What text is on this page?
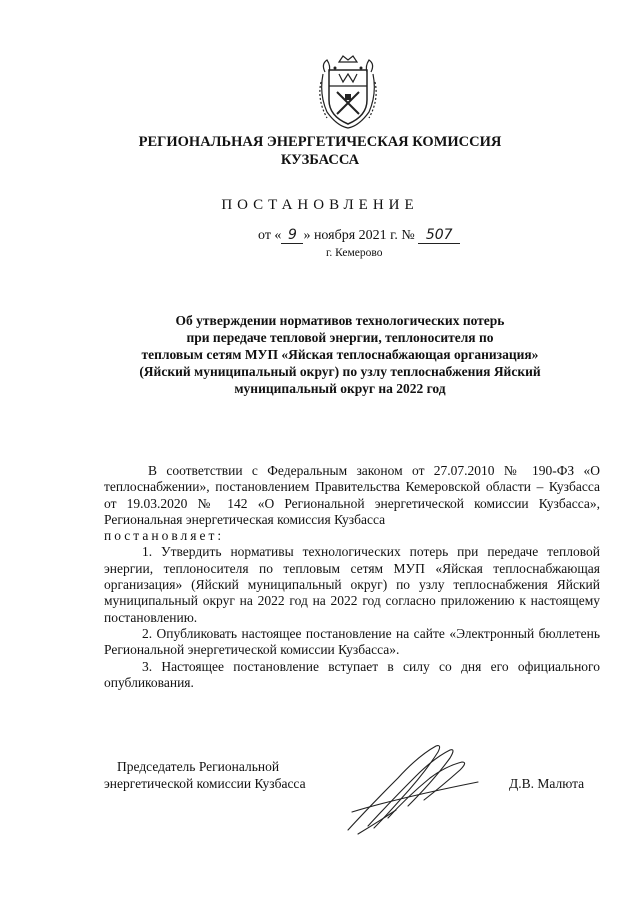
РЕГИОНАЛЬНАЯ ЭНЕРГЕТИЧЕСКАЯ КОМИССИЯ
КУЗБАССА
ПОСТАНОВЛЕНИЕ
от « 9 » ноября 2021 г. № 507
г. Кемерово
Об утверждении нормативов технологических потерь
при передаче тепловой энергии, теплоносителя по
тепловым сетям МУП «Яйская теплоснабжающая организация»
(Яйский муниципальный округ) по узлу теплоснабжения Яйский
муниципальный округ на 2022 год

В соответствии с Федеральным законом от 27.07.2010 № 190-ФЗ «О теплоснабжении», постановлением Правительства Кемеровской области – Кузбасса от 19.03.2020 № 142 «О Региональной энергетической комиссии Кузбасса», Региональная энергетическая комиссия Кузбасса

постановляет:

1. Утвердить нормативы технологических потерь при передаче тепловой энергии, теплоносителя по тепловым сетям МУП «Яйская теплоснабжающая организация» (Яйский муниципальный округ) по узлу теплоснабжения Яйский муниципальный округ на 2022 год на 2022 год согласно приложению к настоящему постановлению.

2. Опубликовать настоящее постановление на сайте «Электронный бюллетень Региональной энергетической комиссии Кузбасса».

3. Настоящее постановление вступает в силу со дня его официального опубликования.

Председатель Региональной
энергетической комиссии Кузбасса	Д.В. Малюта
